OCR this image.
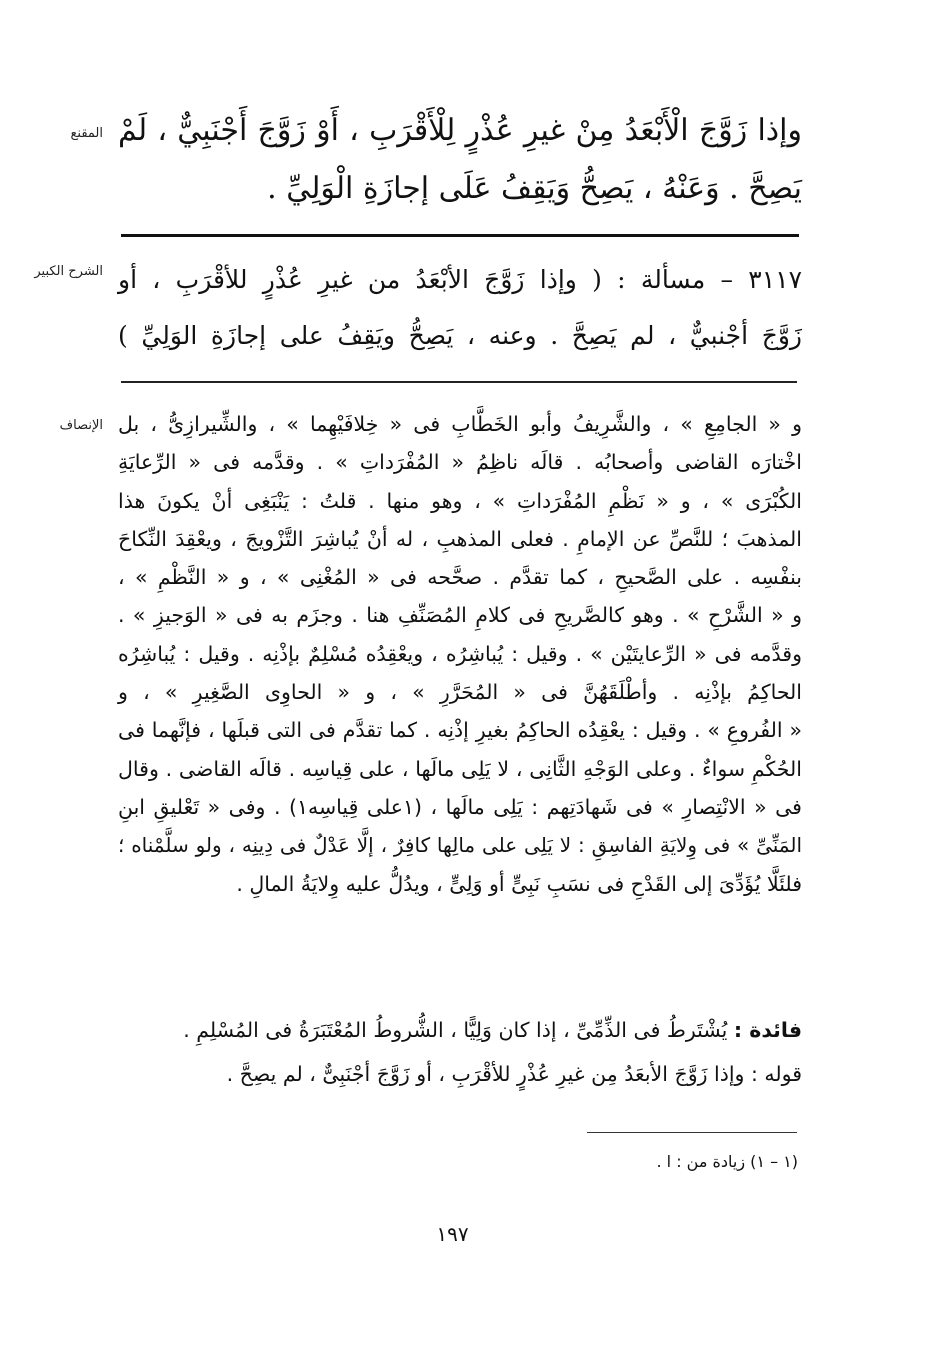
المقنع وإذا زَوَّجَ الْأَبْعَدُ مِنْ غيرِ عُذْرٍ لِلْأَقْرَبِ ، أَوْ زَوَّجَ أَجْنَبِيٌّ ، لَمْ
يَصِحَّ . وَعَنْهُ ، يَصِحُّ وَيَقِفُ عَلَى إجازَةِ الْوَلِيِّ .
الشرح الكبير ٣١١٧ – مسألة : ( وإذا زَوَّجَ الأبْعَدُ من غيرِ عُذْرٍ للأقْرَبِ ، أو
زَوَّجَ أجْنبيٌّ ، لم يَصِحَّ . وعنه ، يَصِحُّ ويَقِفُ على إجازَةِ الوَلِيِّ )
الإنصاف و « الجامِعِ » ، والشَّرِيفُ وأبو الخَطَّابِ فى « خِلافَيْهِما » ، والشِّيرازِىُّ ، بل
اخْتارَه القاضى وأصحابُه . قالَه ناظِمُ « المُفْرَداتِ » . وقدَّمه فى « الرِّعايَةِ
الكُبْرَى » ، و « نَظْمِ المُفْرَداتِ » ، وهو منها . قلتُ : يَنْبَغِى أنْ يكونَ هذا
المذهبَ ؛ للنَّصِّ عن الإمامِ . فعلى المذهبِ ، له أنْ يُباشِرَ التَّزْويجَ ، ويعْقِدَ النِّكاحَ
بنفْسِه . على الصَّحيحِ ، كما تقدَّم . صحَّحه فى « المُغْنِى » ، و « النَّظْمِ » ،
و « الشَّرْحِ » . وهو كالصَّريحِ فى كلامِ المُصَنِّفِ هنا . وجزَم به فى « الوَجيزِ » .
وقدَّمه فى « الرِّعايتَيْن » . وقيل : يُباشِرُه ، ويعْقِدُه مُسْلِمٌ بإذْنِه . وقيل : يُباشِرُه
الحاكِمُ بإذْنِه . وأطْلَقَهُنَّ فى « المُحَرَّرِ » ، و « الحاوِى الصَّغِيرِ » ، و
« الفُروعِ » . وقيل : يعْقِدُه الحاكِمُ بغيرِ إذْنِه . كما تقدَّم فى التى قبلَها ، فإنَّهما فى
الحُكْمِ سواءٌ . وعلى الوَجْهِ الثَّانِى ، لا يَلِى مالَها ، على قِياسِه . قالَه القاضى . وقال
فى « الانْتِصارِ » فى شَهادَتِهم : يَلِى مالَها ، (١على قِياسِه١) . وفى « تَعْليقِ ابنِ
المَنِّىِّ » فى وِلايَةِ الفاسِقِ : لا يَلِى على مالِها كافِرٌ ، إلَّا عَدْلٌ فى دِينِه ، ولو سلَّمْناه ؛
فلئَلَّا يُؤَدِّىَ إلى القَدْحِ فى نسَبِ نَبِىٍّ أو وَلِىٍّ ، ويدُلُّ عليه وِلايَةُ المالِ .
فائدة : يُشْتَرطُ فى الذِّمِّىِّ ، إذا كان وَلِيًّا ، الشُّروطُ المُعْتَبَرَةُ فى المُسْلِمِ .
قوله : وإذا زَوَّجَ الأبعَدُ مِن غيرِ عُذْرٍ للأقْرَبِ ، أو زَوَّجَ أجْنَبِىٌّ ، لم يصِحَّ .
(١ – ١) زيادة من : ا .
١٩٧
